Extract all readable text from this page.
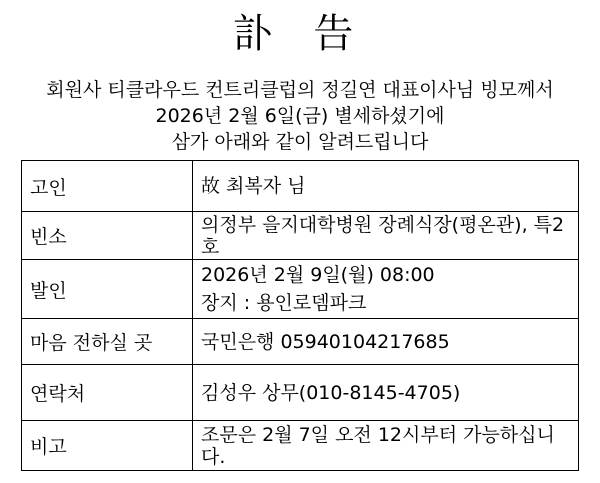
訃 告
회원사 티클라우드 컨트리클럽의 정길연 대표이사님 빙모께서
2026년 2월 6일(금) 별세하셨기에
삼가 아래와 같이 알려드립니다
고인	故 최복자 님
빈소	의정부 을지대학병원 장례식장(평온관), 특2호
발인	2026년 2월 9일(월) 08:00
장지 : 용인로뎀파크

마음 전하실 곳	국민은행 05940104217685
연락처	김성우 상무(010-8145-4705)
비고	조문은 2월 7일 오전 12시부터 가능하십니다.
